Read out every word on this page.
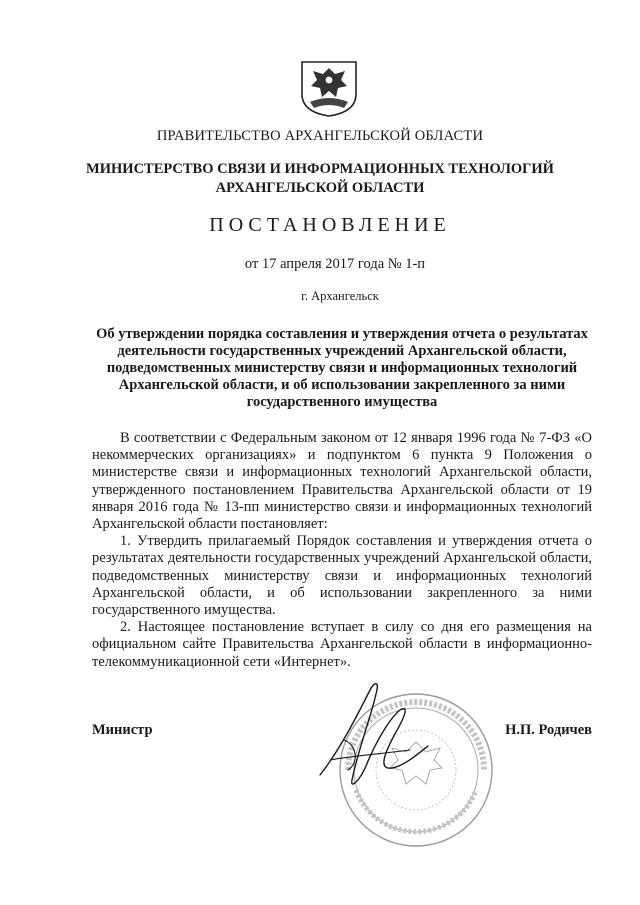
ПРАВИТЕЛЬСТВО АРХАНГЕЛЬСКОЙ ОБЛАСТИ
МИНИСТЕРСТВО СВЯЗИ И ИНФОРМАЦИОННЫХ ТЕХНОЛОГИЙ
АРХАНГЕЛЬСКОЙ ОБЛАСТИ
ПОСТАНОВЛЕНИЕ
от 17 апреля 2017 года № 1-п
г. Архангельск
Об утверждении порядка составления и утверждения отчета о результатах деятельности государственных учреждений Архангельской области, подведомственных министерству связи и информационных технологий Архангельской области, и об использовании закрепленного за ними государственного имущества

В соответствии с Федеральным законом от 12 января 1996 года № 7-ФЗ «О некоммерческих организациях» и подпунктом 6 пункта 9 Положения о министерстве связи и информационных технологий Архангельской области, утвержденного постановлением Правительства Архангельской области от 19 января 2016 года № 13-пп министерство связи и информационных технологий Архангельской области постановляет:

1. Утвердить прилагаемый Порядок составления и утверждения отчета о результатах деятельности государственных учреждений Архангельской области, подведомственных министерству связи и информационных технологий Архангельской области, и об использовании закрепленного за ними государственного имущества.

2. Настоящее постановление вступает в силу со дня его размещения на официальном сайте Правительства Архангельской области в информационно-телекоммуникационной сети «Интернет».

Министр	Н.П. Родичев
